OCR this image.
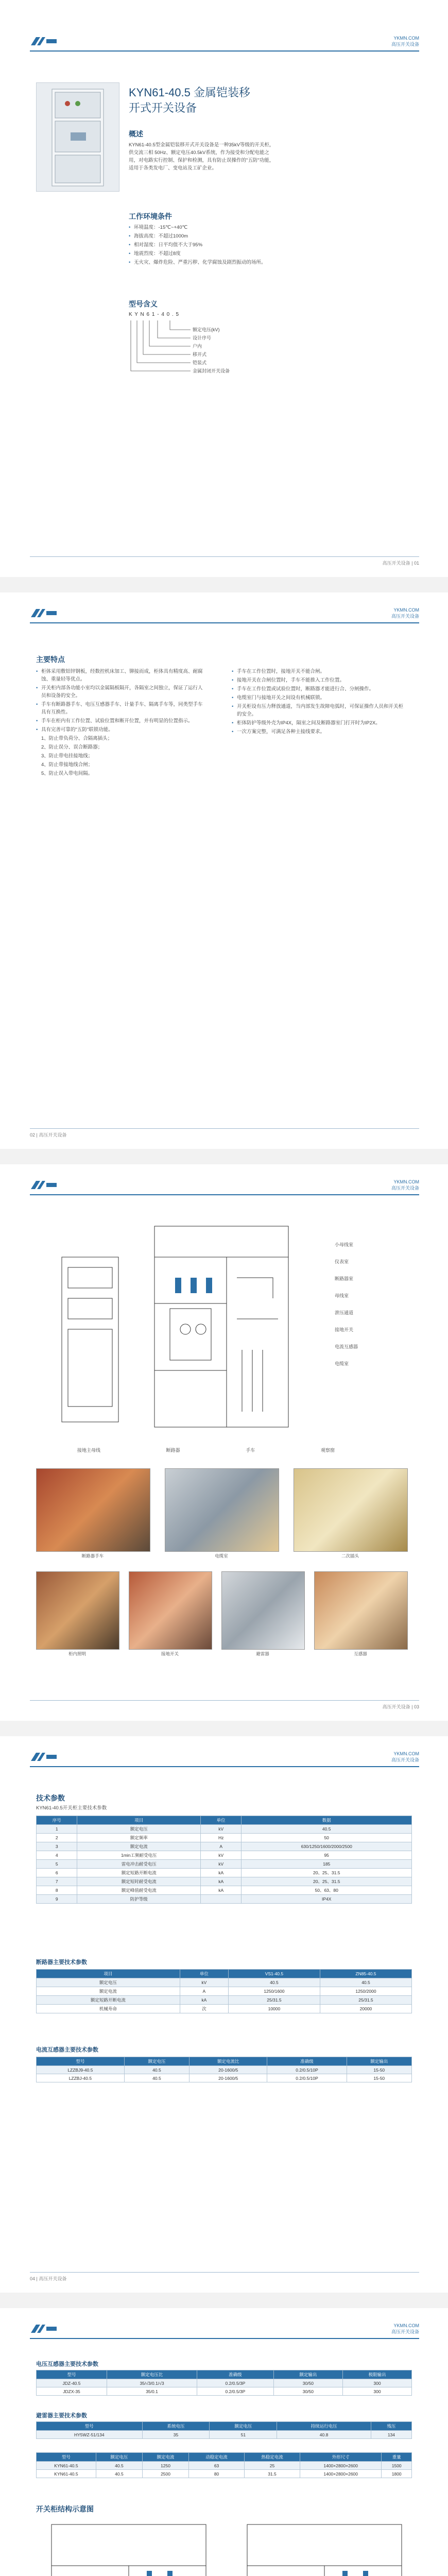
YKMN.COM
高压开关设备
KYN61-40.5 金属铠装移
开式开关设备
概述
KYN61-40.5型金属铠装移开式开关设备是一种35kV等级的开关柜，供交流三相 50Hz、额定电压40.5kV系统，作为接受和分配电能之用，对电路实行控制、保护和检测，具有防止误操作的"五防"功能，适用于各类发电厂、变电站及工矿企业。
工作环境条件

• 环境温度：-15℃~+40℃

• 海拔高度：不超过1000m

• 相对湿度：日平均值不大于95%

• 地震烈度：不超过8度

• 无火灾、爆炸危险、严重污秽、化学腐蚀及剧烈振动的场所。

型号含义
K Y N 6 1 - 4 0 . 5
额定电压(kV)
设计序号
户内
移开式
铠装式
金属封闭开关设备
高压开关设备 | 01
YKMN.COM
高压开关设备
主要特点

• 柜体采用敷铝锌钢板，经数控机床加工、铆接而成，柜体具有精度高、耐腐蚀、重量轻等优点。

• 开关柜内部各功能小室均以金属隔板隔开，各隔室之间独立，保证了运行人员和设备的安全。

• 手车有断路器手车、电压互感器手车、计量手车、隔离手车等，同类型手车具有互换性。

• 手车在柜内有工作位置、试验位置和断开位置，并有明显的位置指示。

• 具有完善可靠的"五防"联锁功能。

1、防止带负荷分、合隔离插头；

2、防止误分、误合断路器；

3、防止带电挂接地线；

4、防止带接地线合闸；

5、防止误入带电间隔。

• 手车在工作位置时，接地开关不能合闸。

• 接地开关在合闸位置时，手车不能推入工作位置。

• 手车在工作位置或试验位置时，断路器才能进行合、分闸操作。

• 电缆室门与接地开关之间设有机械联锁。

• 开关柜设有压力释放通道，当内部发生故障电弧时，可保证操作人员和开关柜的安全。

• 柜体防护等级外壳为IP4X，隔室之间及断路器室门打开时为IP2X。

• 一次方案完整，可满足各种主接线要求。

02 | 高压开关设备
YKMN.COM
高压开关设备
小母线室
仪表室
断路器室
母线室
泄压通道
接地开关
电流互感器
电缆室
接地主母线	断路器	手车	观察窗
断路器手车	电缆室	二次插头
柜内照明	接地开关	避雷器	互感器
高压开关设备 | 03
YKMN.COM
高压开关设备
技术参数
KYN61-40.5开关柜主要技术参数
序号	项目	单位	数据
1	额定电压	kV	40.5
2	额定频率	Hz	50
3	额定电流	A	630/1250/1600/2000/2500
4	1min工频耐受电压	kV	95
5	雷电冲击耐受电压	kV	185
6	额定短路开断电流	kA	20、25、31.5
7	额定短时耐受电流	kA	20、25、31.5
8	额定峰值耐受电流	kA	50、63、80
9	防护等级		IP4X
断路器主要技术参数
项目	单位	VS1-40.5	ZN85-40.5
额定电压	kV	40.5	40.5
额定电流	A	1250/1600	1250/2000
额定短路开断电流	kA	25/31.5	25/31.5
机械寿命	次	10000	20000
电流互感器主要技术参数
型号	额定电压	额定电流比	准确级	额定输出
LZZBJ9-40.5	40.5	20-1600/5	0.2/0.5/10P	15-50
LZZBJ-40.5	40.5	20-1600/5	0.2/0.5/10P	15-50
04 | 高压开关设备
YKMN.COM
高压开关设备
电压互感器主要技术参数
型号	额定电压比	准确级	额定输出	极限输出
JDZ-40.5	35/√3/0.1/√3	0.2/0.5/3P	30/50	300
JDZX-35	35/0.1	0.2/0.5/3P	30/50	300
避雷器主要技术参数
型号	系统电压	额定电压	持续运行电压	残压
HY5WZ-51/134	35	51	40.8	134
型号	额定电压	额定电流	动稳定电流	热稳定电流	外形尺寸	重量
KYN61-40.5	40.5	1250	63	25	1400×2800×2600	1500
KYN61-40.5	40.5	2500	80	31.5	1400×2800×2600	1800
开关柜结构示意图
